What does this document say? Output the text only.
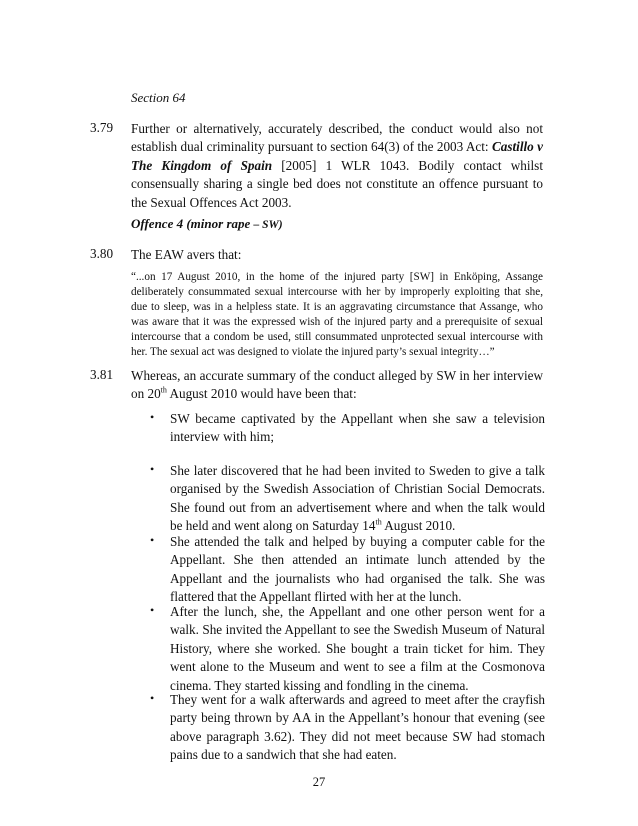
Section 64
3.79 Further or alternatively, accurately described, the conduct would also not establish dual criminality pursuant to section 64(3) of the 2003 Act: Castillo v The Kingdom of Spain [2005] 1 WLR 1043. Bodily contact whilst consensually sharing a single bed does not constitute an offence pursuant to the Sexual Offences Act 2003.
Offence 4 (minor rape – SW)
3.80 The EAW avers that:
“...on 17 August 2010, in the home of the injured party [SW] in Enköping, Assange deliberately consummated sexual intercourse with her by improperly exploiting that she, due to sleep, was in a helpless state. It is an aggravating circumstance that Assange, who was aware that it was the expressed wish of the injured party and a prerequisite of sexual intercourse that a condom be used, still consummated unprotected sexual intercourse with her. The sexual act was designed to violate the injured party’s sexual integrity…”
3.81 Whereas, an accurate summary of the conduct alleged by SW in her interview on 20th August 2010 would have been that:
• SW became captivated by the Appellant when she saw a television interview with him;
• She later discovered that he had been invited to Sweden to give a talk organised by the Swedish Association of Christian Social Democrats. She found out from an advertisement where and when the talk would be held and went along on Saturday 14th August 2010.
• She attended the talk and helped by buying a computer cable for the Appellant. She then attended an intimate lunch attended by the Appellant and the journalists who had organised the talk. She was flattered that the Appellant flirted with her at the lunch.
• After the lunch, she, the Appellant and one other person went for a walk. She invited the Appellant to see the Swedish Museum of Natural History, where she worked. She bought a train ticket for him. They went alone to the Museum and went to see a film at the Cosmonova cinema. They started kissing and fondling in the cinema.
• They went for a walk afterwards and agreed to meet after the crayfish party being thrown by AA in the Appellant’s honour that evening (see above paragraph 3.62). They did not meet because SW had stomach pains due to a sandwich that she had eaten.
27
